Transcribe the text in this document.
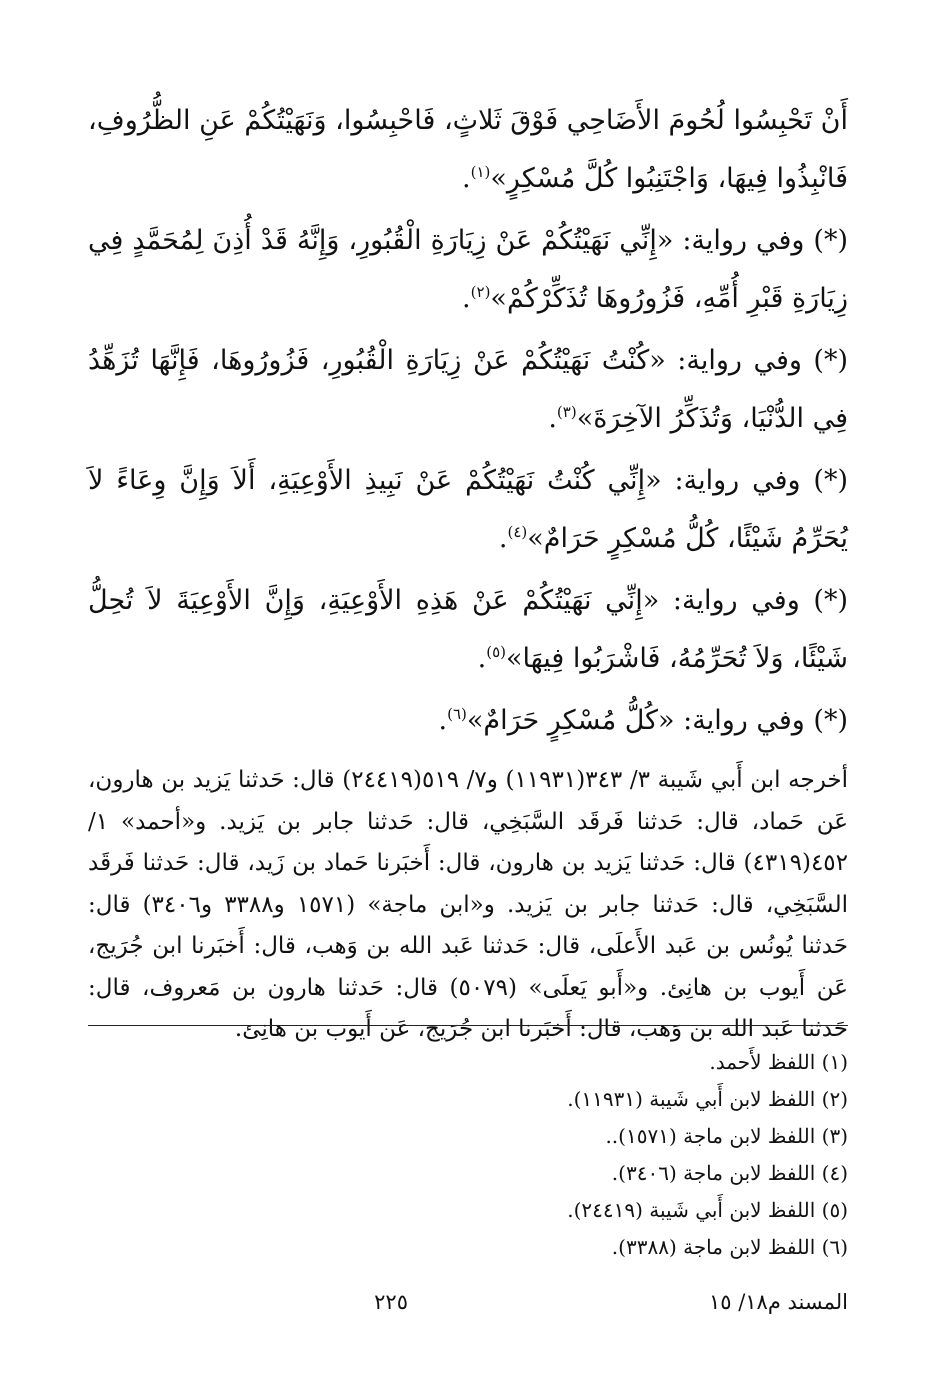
أَنْ تَحْبِسُوا لُحُومَ الأَضَاحِي فَوْقَ ثَلاثٍ، فَاحْبِسُوا، وَنَهَيْتُكُمْ عَنِ الظُّرُوفِ، فَانْبِذُوا فِيهَا، وَاجْتَنِبُوا كُلَّ مُسْكِرٍ»$^{(١)}$.

(*) وفي رواية: «إِنِّي نَهَيْتُكُمْ عَنْ زِيَارَةِ الْقُبُورِ، وَإِنَّهُ قَدْ أُذِنَ لِمُحَمَّدٍ فِي زِيَارَةِ قَبْرِ أُمِّهِ، فَزُورُوهَا تُذَكِّرْكُمْ»$^{(٢)}$.

(*) وفي رواية: «كُنْتُ نَهَيْتُكُمْ عَنْ زِيَارَةِ الْقُبُورِ، فَزُورُوهَا، فَإِنَّهَا تُزَهِّدُ فِي الدُّنْيَا، وَتُذَكِّرُ الآخِرَةَ»$^{(٣)}$.

(*) وفي رواية: «إِنِّي كُنْتُ نَهَيْتُكُمْ عَنْ نَبِيذِ الأَوْعِيَةِ، أَلاَ وَإِنَّ وِعَاءً لاَ يُحَرِّمُ شَيْئًا، كُلُّ مُسْكِرٍ حَرَامٌ»$^{(٤)}$.

(*) وفي رواية: «إِنِّي نَهَيْتُكُمْ عَنْ هَذِهِ الأَوْعِيَةِ، وَإِنَّ الأَوْعِيَةَ لاَ تُحِلُّ شَيْئًا، وَلاَ تُحَرِّمُهُ، فَاشْرَبُوا فِيهَا»$^{(٥)}$.

(*) وفي رواية: «كُلُّ مُسْكِرٍ حَرَامٌ»$^{(٦)}$.

أخرجه ابن أَبي شَيبة ٣/ ٣٤٣(١١٩٣١) و٧/ ٥١٩(٢٤٤١٩) قال: حَدثنا يَزيد بن هارون، عَن حَماد، قال: حَدثنا فَرقَد السَّبَخِي، قال: حَدثنا جابر بن يَزيد. و«أحمد» ١/ ٤٥٢(٤٣١٩) قال: حَدثنا يَزيد بن هارون، قال: أَخبَرنا حَماد بن زَيد، قال: حَدثنا فَرقَد السَّبَخِي، قال: حَدثنا جابر بن يَزيد. و«ابن ماجة» (١٥٧١ و٣٣٨٨ و٣٤٠٦) قال: حَدثنا يُونُس بن عَبد الأَعلَى، قال: حَدثنا عَبد الله بن وَهب، قال: أَخبَرنا ابن جُرَيج، عَن أَيوب بن هانِئ. و«أَبو يَعلَى» (٥٠٧٩) قال: حَدثنا هارون بن مَعروف، قال: حَدثنا عَبد الله بن وَهب، قال: أَخبَرنا ابن جُرَيج، عَن أَيوب بن هانِئ.

(١) اللفظ لأَحمد.
(٢) اللفظ لابن أَبي شَيبة (١١٩٣١).
(٣) اللفظ لابن ماجة (١٥٧١)..
(٤) اللفظ لابن ماجة (٣٤٠٦).
(٥) اللفظ لابن أَبي شَيبة (٢٤٤١٩).
(٦) اللفظ لابن ماجة (٣٣٨٨).
المسند م١٨/ ١٥
٢٢٥
